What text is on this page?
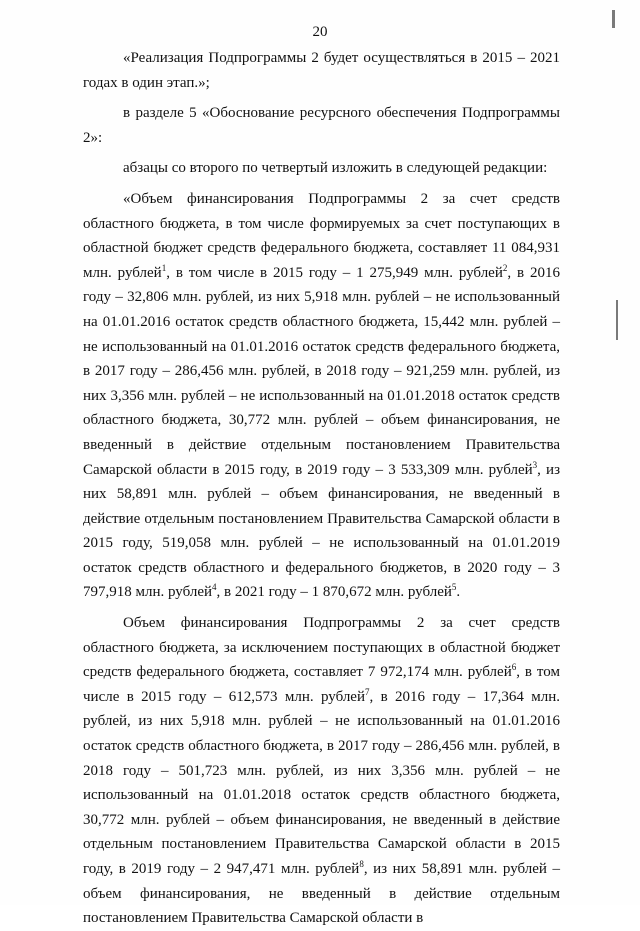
20

«Реализация Подпрограммы 2 будет осуществляться в 2015 – 2021 годах в один этап.»;

в разделе 5 «Обоснование ресурсного обеспечения Подпрограммы 2»:

абзацы со второго по четвертый изложить в следующей редакции:

«Объем финансирования Подпрограммы 2 за счет средств областного бюджета, в том числе формируемых за счет поступающих в областной бюджет средств федерального бюджета, составляет 11 084,931 млн. рублей$^1$, в том числе в 2015 году – 1 275,949 млн. рублей$^2$, в 2016 году – 32,806 млн. рублей, из них 5,918 млн. рублей – не использованный на 01.01.2016 остаток средств областного бюджета, 15,442 млн. рублей – не использованный на 01.01.2016 остаток средств федерального бюджета, в 2017 году – 286,456 млн. рублей, в 2018 году – 921,259 млн. рублей, из них 3,356 млн. рублей – не использованный на 01.01.2018 остаток средств областного бюджета, 30,772 млн. рублей – объем финансирования, не введенный в действие отдельным постановлением Правительства Самарской области в 2015 году, в 2019 году – 3 533,309 млн. рублей$^3$, из них 58,891 млн. рублей – объем финансирования, не введенный в действие отдельным постановлением Правительства Самарской области в 2015 году, 519,058 млн. рублей – не использованный на 01.01.2019 остаток средств областного и федерального бюджетов, в 2020 году – 3 797,918 млн. рублей$^4$, в 2021 году – 1 870,672 млн. рублей$^5$.

Объем финансирования Подпрограммы 2 за счет средств областного бюджета, за исключением поступающих в областной бюджет средств федерального бюджета, составляет 7 972,174 млн. рублей$^6$, в том числе в 2015 году – 612,573 млн. рублей$^7$, в 2016 году – 17,364 млн. рублей, из них 5,918 млн. рублей – не использованный на 01.01.2016 остаток средств областного бюджета, в 2017 году – 286,456 млн. рублей, в 2018 году – 501,723 млн. рублей, из них 3,356 млн. рублей – не использованный на 01.01.2018 остаток средств областного бюджета, 30,772 млн. рублей – объем финансирования, не введенный в действие отдельным постановлением Правительства Самарской области в 2015 году, в 2019 году – 2 947,471 млн. рублей$^8$, из них 58,891 млн. рублей – объем финансирования, не введенный в действие отдельным постановлением Правительства Самарской области в
